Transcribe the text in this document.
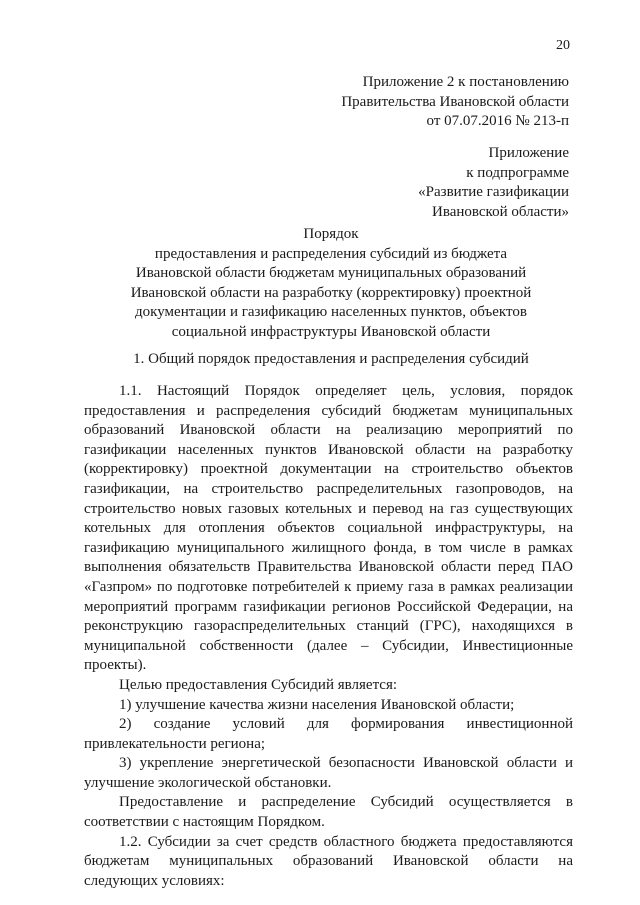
20
Приложение 2 к постановлению
Правительства Ивановской области
от 07.07.2016 № 213-п
Приложение
к подпрограмме
«Развитие газификации
Ивановской области»
Порядок
предоставления и распределения субсидий из бюджета
Ивановской области бюджетам муниципальных образований
Ивановской области на разработку (корректировку) проектной
документации и газификацию населенных пунктов, объектов
социальной инфраструктуры Ивановской области
1. Общий порядок предоставления и распределения субсидий
1.1. Настоящий Порядок определяет цель, условия, порядок
предоставления и распределения субсидий бюджетам муниципальных
образований Ивановской области на реализацию мероприятий по
газификации населенных пунктов Ивановской области на разработку
(корректировку) проектной документации на строительство объектов
газификации, на строительство распределительных газопроводов, на
строительство новых газовых котельных и перевод на газ существующих
котельных для отопления объектов социальной инфраструктуры, на
газификацию муниципального жилищного фонда, в том числе в рамках
выполнения обязательств Правительства Ивановской области перед ПАО
«Газпром» по подготовке потребителей к приему газа в рамках реализации
мероприятий программ газификации регионов Российской Федерации, на
реконструкцию газораспределительных станций (ГРС), находящихся в
муниципальной собственности (далее – Субсидии, Инвестиционные
проекты).
Целью предоставления Субсидий является:
1) улучшение качества жизни населения Ивановской области;
2) создание условий для формирования инвестиционной
привлекательности региона;
3) укрепление энергетической безопасности Ивановской области и
улучшение экологической обстановки.
Предоставление и распределение Субсидий осуществляется в
соответствии с настоящим Порядком.
1.2. Субсидии за счет средств областного бюджета предоставляются
бюджетам муниципальных образований Ивановской области на
следующих условиях:
